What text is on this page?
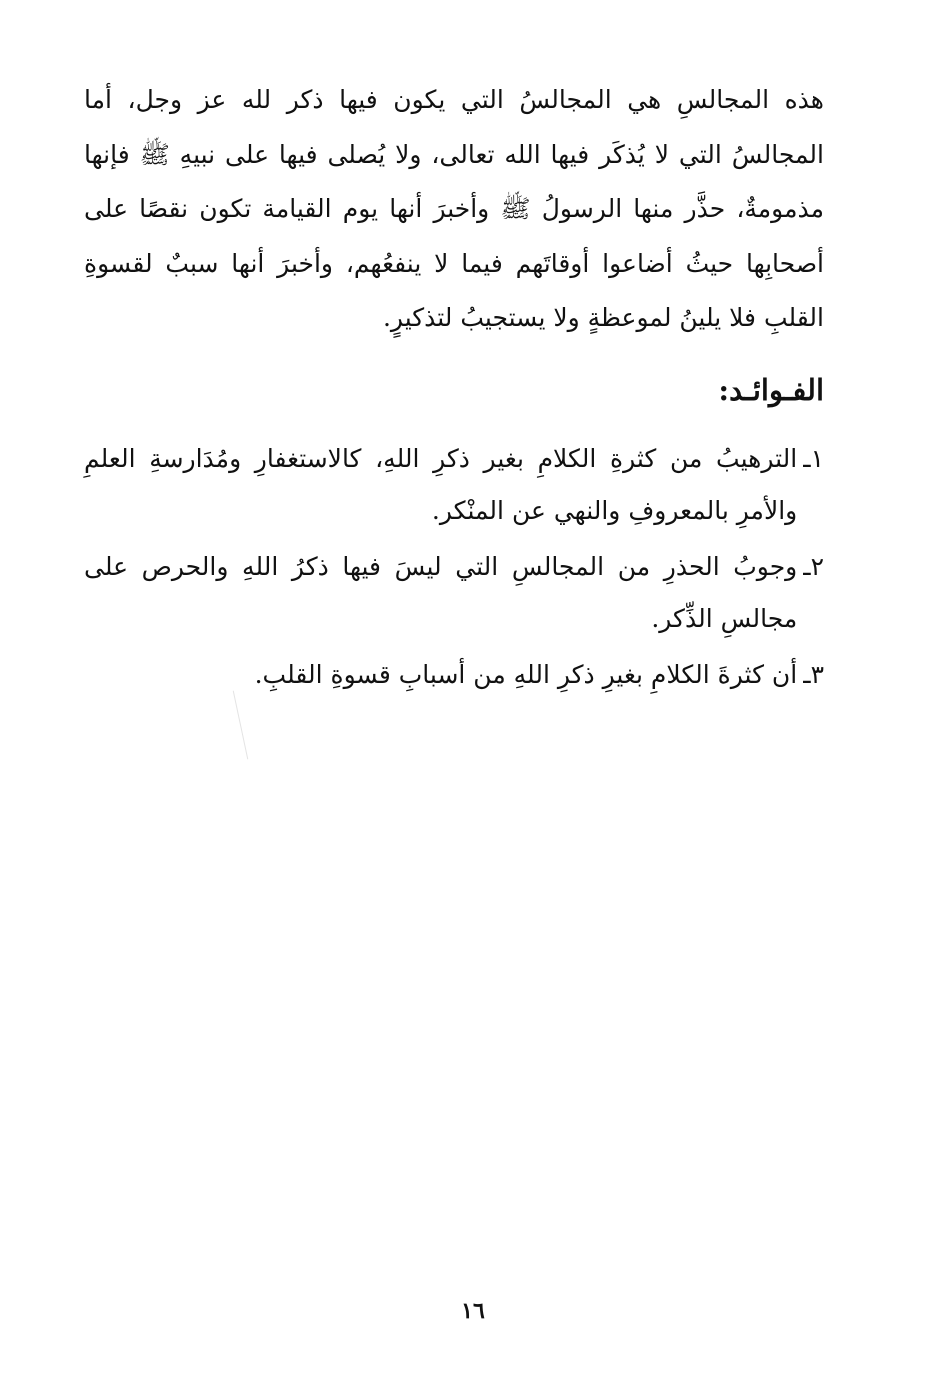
هذه المجالسِ هي المجالسُ التي يكون فيها ذكر لله عز وجل، أما المجالسُ التي لا يُذكَر فيها الله تعالى، ولا يُصلى فيها على نبيهِ ﷺ فإنها مذمومةٌ، حذَّر منها الرسولُ ﷺ وأخبرَ أنها يوم القيامة تكون نقصًا على أصحابِها حيثُ أضاعوا أوقاتَهم فيما لا ينفعُهم، وأخبرَ أنها سببٌ لقسوةِ القلبِ فلا يلينُ لموعظةٍ ولا يستجيبُ لتذكيرٍ.

الفـوائـد:
١ـ
الترهيبُ من كثرةِ الكلامِ بغير ذكرِ اللهِ، كالاستغفارِ ومُدَارسةِ العلمِ والأمرِ بالمعروفِ والنهي عن المنْكر.
٢ـ
وجوبُ الحذرِ من المجالسِ التي ليسَ فيها ذكرُ اللهِ والحرص على مجالسِ الذِّكر.
٣ـ
أن كثرةَ الكلامِ بغيرِ ذكرِ اللهِ من أسبابِ قسوةِ القلبِ.
١٦
